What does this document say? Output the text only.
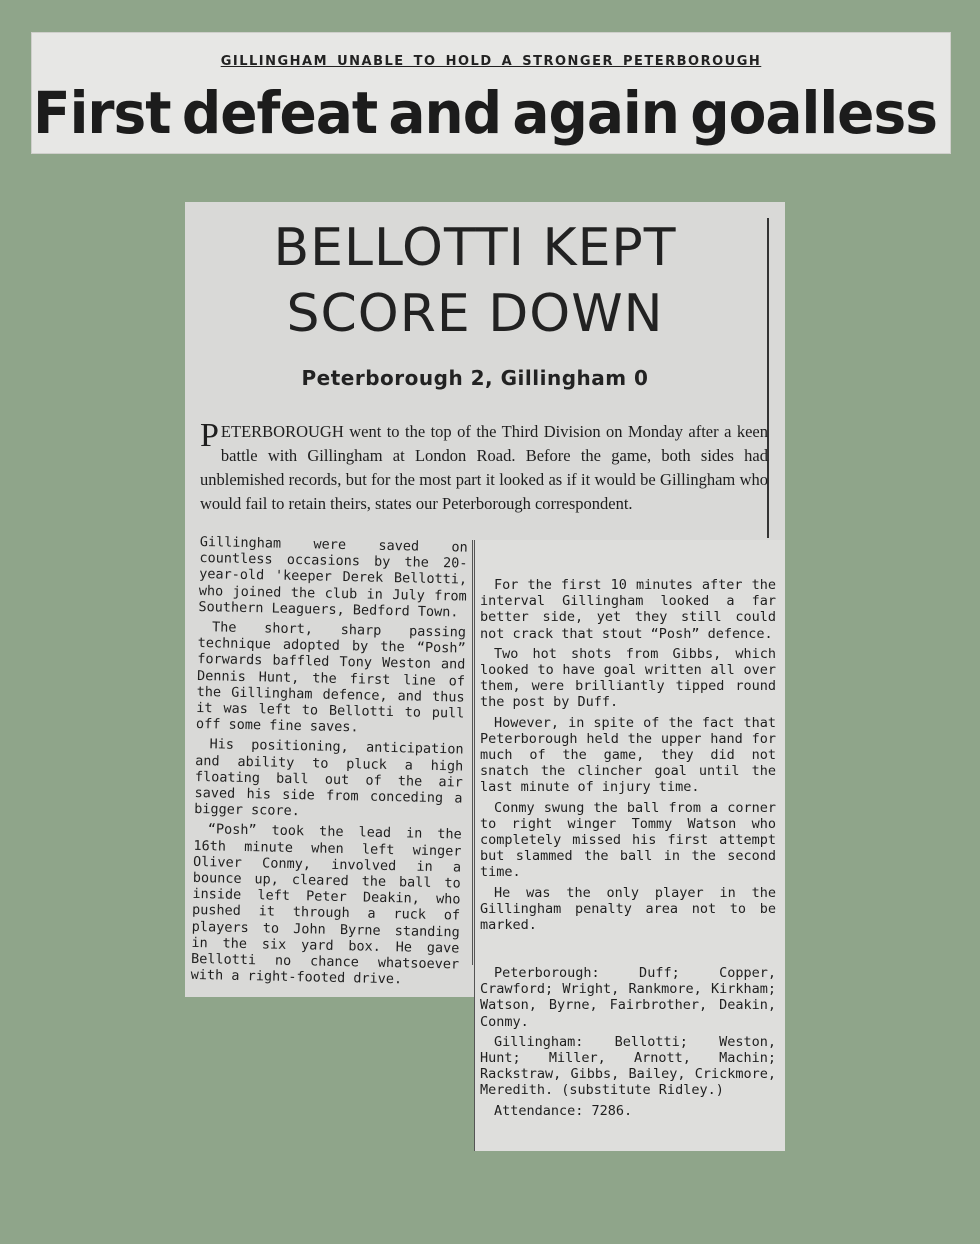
GILLINGHAM UNABLE TO HOLD A STRONGER PETERBOROUGH
First defeat and again goalless
BELLOTTI KEPT
SCORE DOWN
Peterborough 2, Gillingham 0
PETERBOROUGH went to the top of the Third Division on Monday after a keen battle with Gillingham at London Road. Before the game, both sides had unblemished records, but for the most part it looked as if it would be Gillingham who would fail to retain theirs, states our Peterborough correspondent.

Gillingham were saved on countless occasions by the 20-year-old 'keeper Derek Bellotti, who joined the club in July from Southern Leaguers, Bedford Town.

The short, sharp passing technique adopted by the “Posh” forwards baffled Tony Weston and Dennis Hunt, the first line of the Gillingham defence, and thus it was left to Bellotti to pull off some fine saves.

His positioning, anticipation and ability to pluck a high floating ball out of the air saved his side from conceding a bigger score.

“Posh” took the lead in the 16th minute when left winger Oliver Conmy, involved in a bounce up, cleared the ball to inside left Peter Deakin, who pushed it through a ruck of players to John Byrne standing in the six yard box. He gave Bellotti no chance whatsoever with a right-footed drive.

For the first 10 minutes after the interval Gillingham looked a far better side, yet they still could not crack that stout “Posh” defence.

Two hot shots from Gibbs, which looked to have goal written all over them, were brilliantly tipped round the post by Duff.

However, in spite of the fact that Peterborough held the upper hand for much of the game, they did not snatch the clincher goal until the last minute of injury time.

Conmy swung the ball from a corner to right winger Tommy Watson who completely missed his first attempt but slammed the ball in the second time.

He was the only player in the Gillingham penalty area not to be marked.

Peterborough: Duff; Copper, Crawford; Wright, Rankmore, Kirkham; Watson, Byrne, Fairbrother, Deakin, Conmy.

Gillingham: Bellotti; Weston, Hunt; Miller, Arnott, Machin; Rackstraw, Gibbs, Bailey, Crickmore, Meredith. (substitute Ridley.)

Attendance: 7286.
